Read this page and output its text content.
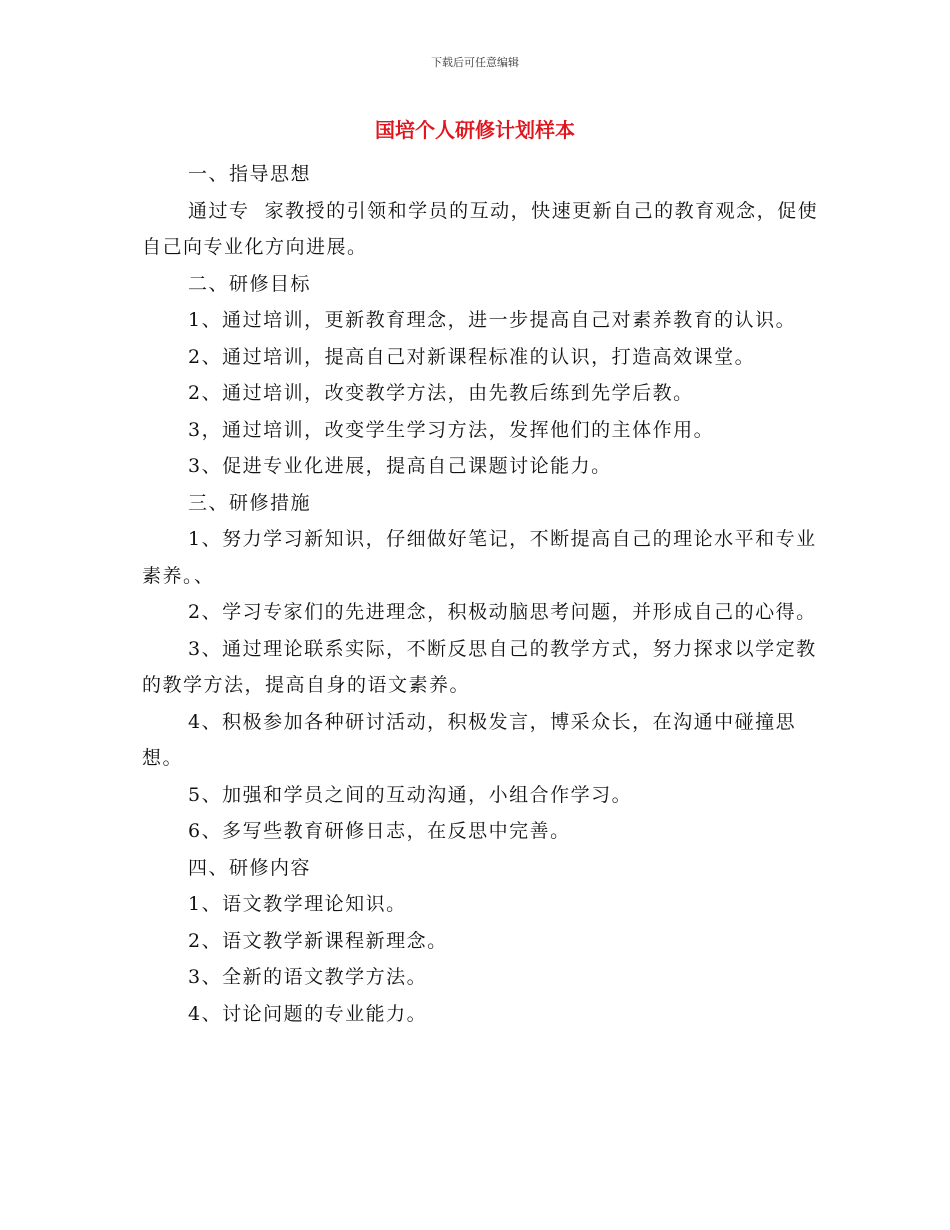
下载后可任意编辑
国培个人研修计划样本

一、指导思想

通过专  家教授的引领和学员的互动，快速更新自己的教育观念，促使自己向专业化方向进展。

二、研修目标

1、通过培训，更新教育理念，进一步提高自己对素养教育的认识。

2、通过培训，提高自己对新课程标准的认识，打造高效课堂。

2、通过培训，改变教学方法，由先教后练到先学后教。

3，通过培训，改变学生学习方法，发挥他们的主体作用。

3、促进专业化进展，提高自己课题讨论能力。

三、研修措施

1、努力学习新知识，仔细做好笔记，不断提高自己的理论水平和专业素养。、

2、学习专家们的先进理念，积极动脑思考问题，并形成自己的心得。

3、通过理论联系实际，不断反思自己的教学方式，努力探求以学定教的教学方法，提高自身的语文素养。

4、积极参加各种研讨活动，积极发言，博采众长，在沟通中碰撞思想。

5、加强和学员之间的互动沟通，小组合作学习。

6、多写些教育研修日志，在反思中完善。

四、研修内容

1、语文教学理论知识。

2、语文教学新课程新理念。

3、全新的语文教学方法。

4、讨论问题的专业能力。
